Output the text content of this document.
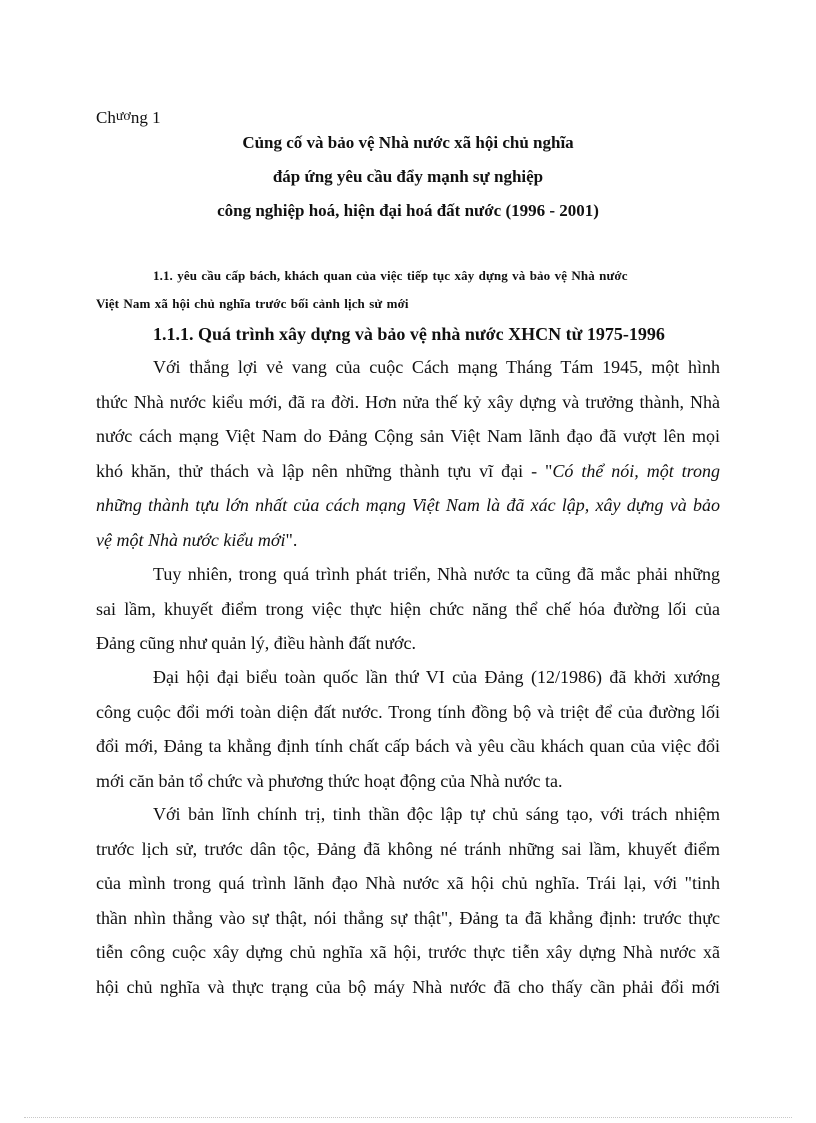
Chương 1
Củng cố và bảo vệ Nhà nước xã hội chủ nghĩa
đáp ứng yêu cầu đẩy mạnh sự nghiệp
công nghiệp hoá, hiện đại hoá đất nước (1996 - 2001)
1.1. yêu cầu cấp bách, khách quan của việc tiếp tục xây dựng và bảo vệ Nhà nước
Việt Nam xã hội chủ nghĩa trước bối cảnh lịch sử mới
1.1.1. Quá trình xây dựng và bảo vệ nhà nước XHCN từ 1975-1996
Với thắng lợi vẻ vang của cuộc Cách mạng Tháng Tám 1945, một hình
thức Nhà nước kiểu mới, đã ra đời. Hơn nửa thế kỷ xây dựng và trưởng thành, Nhà
nước cách mạng Việt Nam do Đảng Cộng sản Việt Nam lãnh đạo đã vượt lên mọi
khó khăn, thử thách và lập nên những thành tựu vĩ đại - "Có thể nói, một trong
những thành tựu lớn nhất của cách mạng Việt Nam là đã xác lập, xây dựng và bảo
vệ một Nhà nước kiểu mới".
Tuy nhiên, trong quá trình phát triển, Nhà nước ta cũng đã mắc phải những
sai lầm, khuyết điểm trong việc thực hiện chức năng thể chế hóa đường lối của
Đảng cũng như quản lý, điều hành đất nước.
Đại hội đại biểu toàn quốc lần thứ VI của Đảng (12/1986) đã khởi xướng
công cuộc đổi mới toàn diện đất nước. Trong tính đồng bộ và triệt để của đường lối
đổi mới, Đảng ta khẳng định tính chất cấp bách và yêu cầu khách quan của việc đổi
mới căn bản tổ chức và phương thức hoạt động của Nhà nước ta.
Với bản lĩnh chính trị, tinh thần độc lập tự chủ sáng tạo, với trách nhiệm
trước lịch sử, trước dân tộc, Đảng đã không né tránh những sai lầm, khuyết điểm
của mình trong quá trình lãnh đạo Nhà nước xã hội chủ nghĩa. Trái lại, với "tinh
thần nhìn thẳng vào sự thật, nói thẳng sự thật", Đảng ta đã khẳng định: trước thực
tiễn công cuộc xây dựng chủ nghĩa xã hội, trước thực tiễn xây dựng Nhà nước xã
hội chủ nghĩa và thực trạng của bộ máy Nhà nước đã cho thấy cần phải đổi mới
